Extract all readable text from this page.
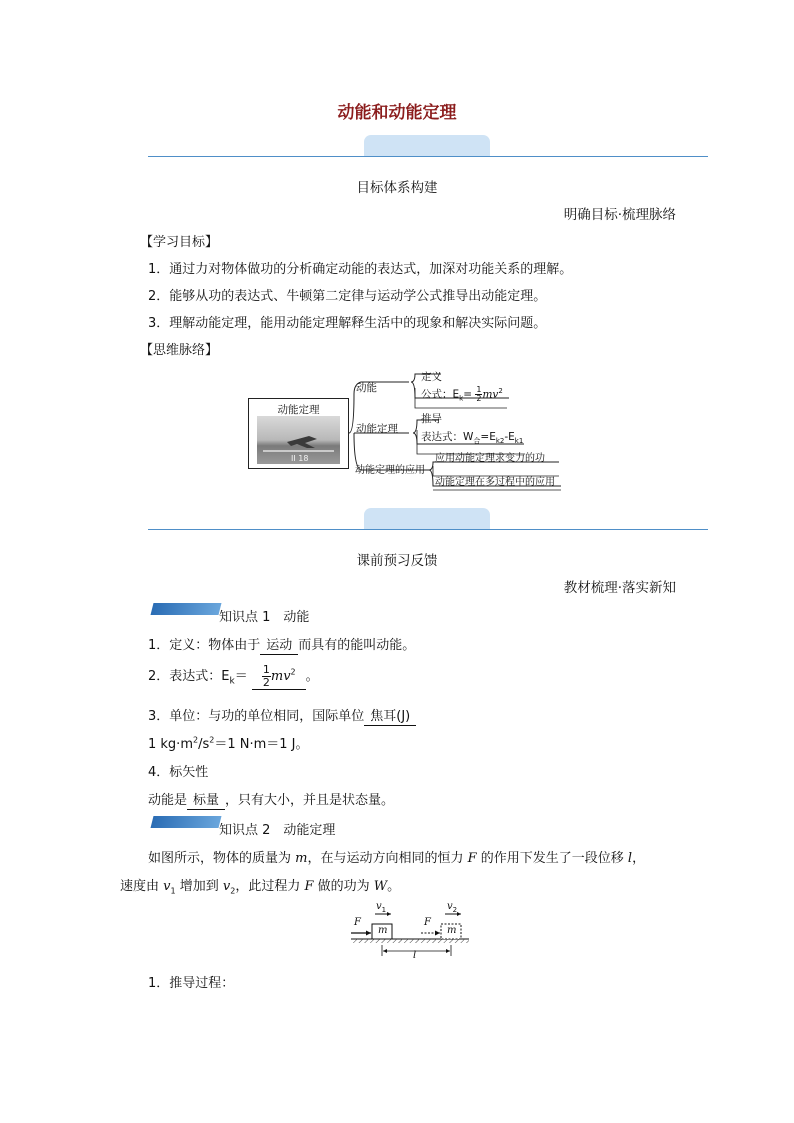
动能和动能定理
目标体系构建
明确目标·梳理脉络
【学习目标】
1．通过力对物体做功的分析确定动能的表达式，加深对功能关系的理解。
2．能够从功的表达式、牛顿第二定律与运动学公式推导出动能定理。
3．理解动能定理，能用动能定理解释生活中的现象和解决实际问题。
【思维脉络】
动能定理
II 18
动能
定义
公式：$E_k= \frac{1}{2} mv^2$
动能定理
推导
表达式：$W_合=E_{k2}-E_{k1}$
动能定理的应用
应用动能定理求变力的功
动能定理在多过程中的应用
课前预习反馈
教材梳理·落实新知
知识点 1　动能
1．定义：物体由于 运动 而具有的能叫动能。
2．表达式：$E_k= \frac{1}{2} mv^2$ 。
3．单位：与功的单位相同，国际单位 焦耳(J)
1 $kg\cdot m^2/s^2=1$ N·m＝1 J。
4．标矢性
动能是 标量 ，只有大小，并且是状态量。
知识点 2　动能定理
如图所示，物体的质量为 m，在与运动方向相同的恒力 F 的作用下发生了一段位移 l，
速度由 $v_1$ 增加到 $v_2$，此过程力 F 做的功为 W。
F
$v_1$
m
F
$v_2$
m
l
1．推导过程：
